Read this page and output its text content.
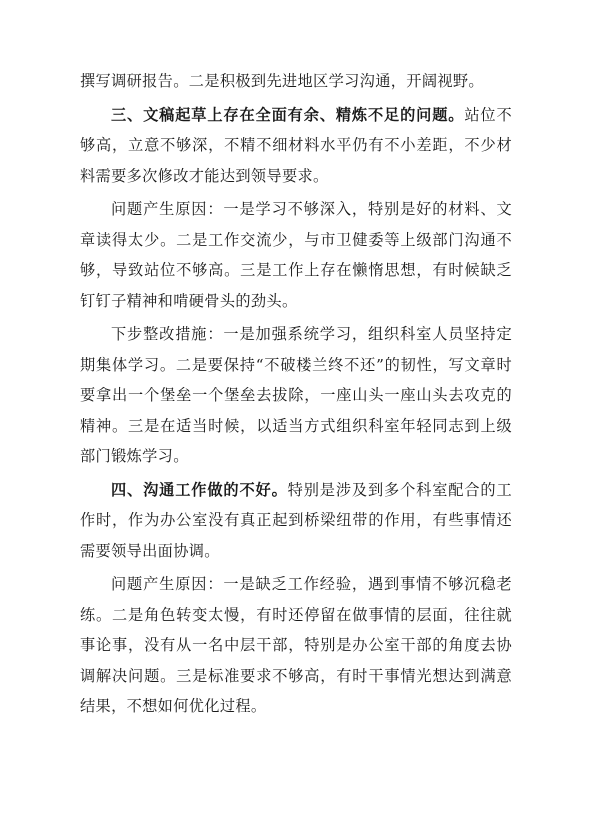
撰写调研报告。二是积极到先进地区学习沟通，开阔视野。

三、文稿起草上存在全面有余、精炼不足的问题。站位不够高，立意不够深，不精不细材料水平仍有不小差距，不少材料需要多次修改才能达到领导要求。

问题产生原因：一是学习不够深入，特别是好的材料、文章读得太少。二是工作交流少，与市卫健委等上级部门沟通不够，导致站位不够高。三是工作上存在懒惰思想，有时候缺乏钉钉子精神和啃硬骨头的劲头。

下步整改措施：一是加强系统学习，组织科室人员坚持定期集体学习。二是要保持“不破楼兰终不还”的韧性，写文章时要拿出一个堡垒一个堡垒去拔除，一座山头一座山头去攻克的精神。三是在适当时候，以适当方式组织科室年轻同志到上级部门锻炼学习。

四、沟通工作做的不好。特别是涉及到多个科室配合的工作时，作为办公室没有真正起到桥梁纽带的作用，有些事情还需要领导出面协调。

问题产生原因：一是缺乏工作经验，遇到事情不够沉稳老练。二是角色转变太慢，有时还停留在做事情的层面，往往就事论事，没有从一名中层干部，特别是办公室干部的角度去协调解决问题。三是标准要求不够高，有时干事情光想达到满意结果，不想如何优化过程。
